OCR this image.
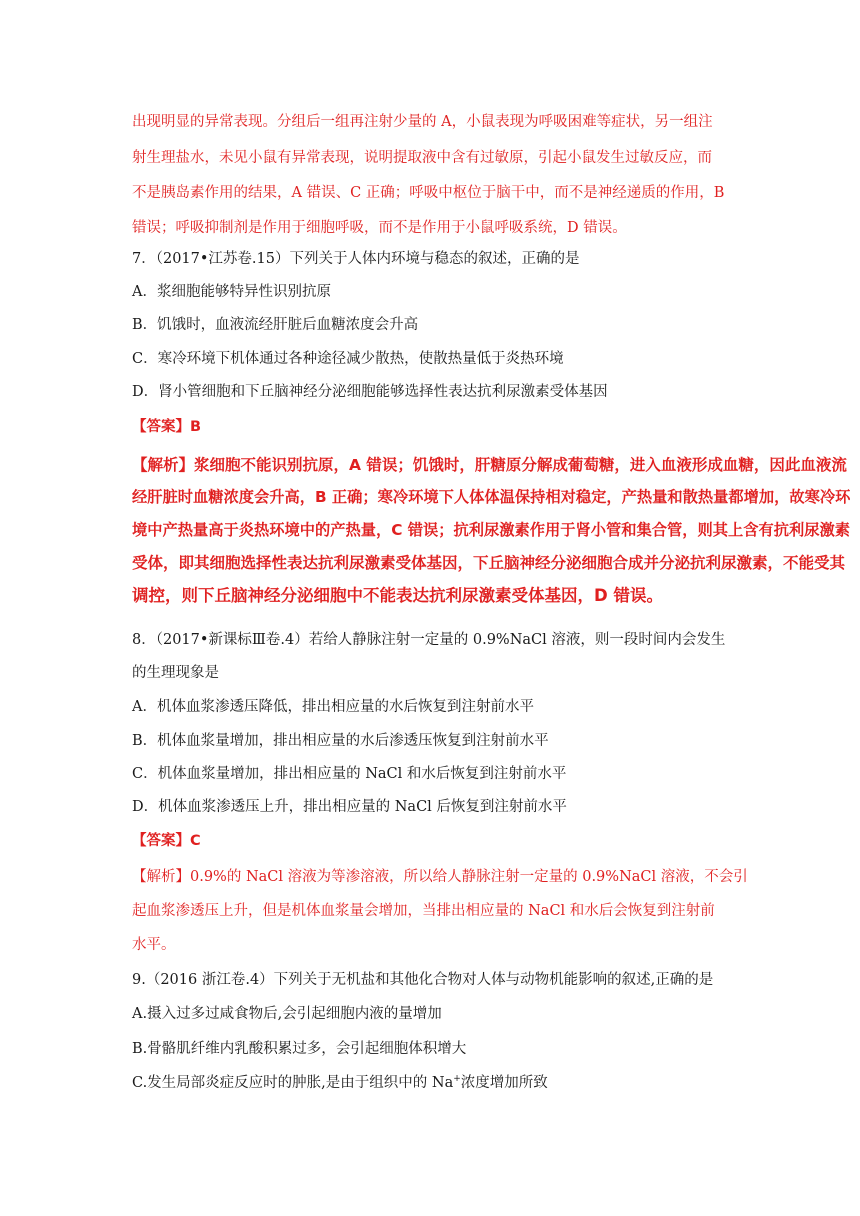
出现明显的异常表现。分组后一组再注射少量的 A，小鼠表现为呼吸困难等症状，另一组注
射生理盐水，未见小鼠有异常表现，说明提取液中含有过敏原，引起小鼠发生过敏反应，而
不是胰岛素作用的结果，A 错误、C 正确；呼吸中枢位于脑干中，而不是神经递质的作用，B
错误；呼吸抑制剂是作用于细胞呼吸，而不是作用于小鼠呼吸系统，D 错误。
7．（2017•江苏卷.15）下列关于人体内环境与稳态的叙述，正确的是
A．浆细胞能够特异性识别抗原
B．饥饿时，血液流经肝脏后血糖浓度会升高
C．寒冷环境下机体通过各种途径减少散热，使散热量低于炎热环境
D．肾小管细胞和下丘脑神经分泌细胞能够选择性表达抗利尿激素受体基因
【答案】B
【解析】浆细胞不能识别抗原，A 错误；饥饿时，肝糖原分解成葡萄糖，进入血液形成血糖，因此血液流
经肝脏时血糖浓度会升高，B 正确；寒冷环境下人体体温保持相对稳定，产热量和散热量都增加，故寒冷环
境中产热量高于炎热环境中的产热量，C 错误；抗利尿激素作用于肾小管和集合管，则其上含有抗利尿激素
受体，即其细胞选择性表达抗利尿激素受体基因，下丘脑神经分泌细胞合成并分泌抗利尿激素，不能受其
调控，则下丘脑神经分泌细胞中不能表达抗利尿激素受体基因，D 错误。
8．（2017•新课标Ⅲ卷.4）若给人静脉注射一定量的 0.9%NaCl 溶液，则一段时间内会发生
的生理现象是
A．机体血浆渗透压降低，排出相应量的水后恢复到注射前水平
B．机体血浆量增加，排出相应量的水后渗透压恢复到注射前水平
C．机体血浆量增加，排出相应量的 NaCl 和水后恢复到注射前水平
D．机体血浆渗透压上升，排出相应量的 NaCl 后恢复到注射前水平
【答案】C
【解析】0.9%的 NaCl 溶液为等渗溶液，所以给人静脉注射一定量的 0.9%NaCl 溶液，不会引
起血浆渗透压上升，但是机体血浆量会增加，当排出相应量的 NaCl 和水后会恢复到注射前
水平。
9.（2016 浙江卷.4）下列关于无机盐和其他化合物对人体与动物机能影响的叙述,正确的是
A.摄入过多过咸食物后,会引起细胞内液的量增加
B.骨骼肌纤维内乳酸积累过多，会引起细胞体积增大
C.发生局部炎症反应时的肿胀,是由于组织中的 Na+浓度增加所致
